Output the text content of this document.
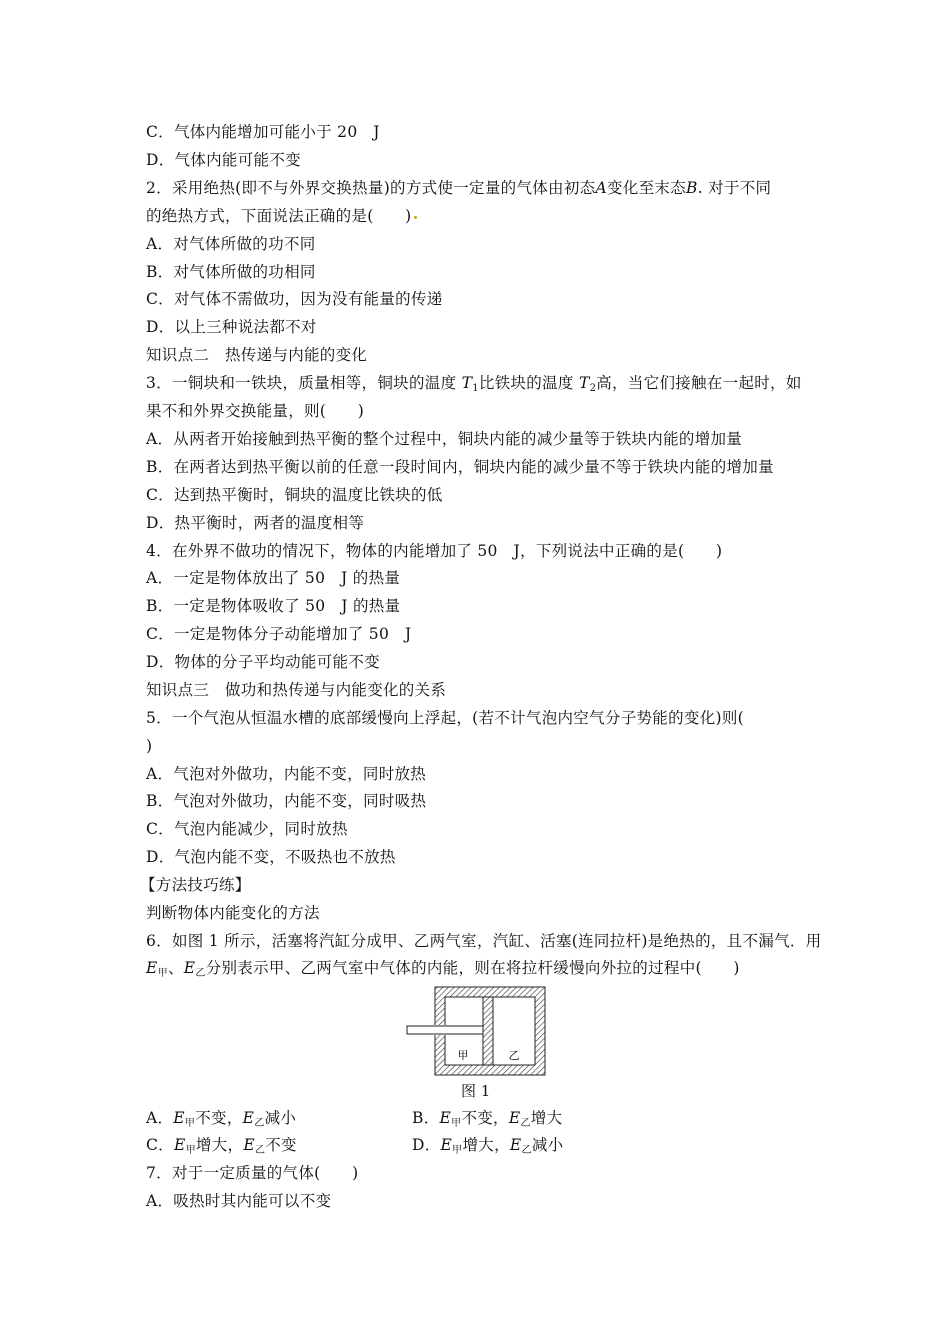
C．气体内能增加可能小于 20　J
D．气体内能可能不变
2．采用绝热(即不与外界交换热量)的方式使一定量的气体由初态A变化至末态B. 对于不同
的绝热方式，下面说法正确的是(　　)
A．对气体所做的功不同
B．对气体所做的功相同
C．对气体不需做功，因为没有能量的传递
D．以上三种说法都不对
知识点二　热传递与内能的变化
3．一铜块和一铁块，质量相等，铜块的温度 $T_1$比铁块的温度 $T_2$高，当它们接触在一起时，如
果不和外界交换能量，则(　　)
A．从两者开始接触到热平衡的整个过程中，铜块内能的减少量等于铁块内能的增加量
B．在两者达到热平衡以前的任意一段时间内，铜块内能的减少量不等于铁块内能的增加量
C．达到热平衡时，铜块的温度比铁块的低
D．热平衡时，两者的温度相等
4．在外界不做功的情况下，物体的内能增加了 50　J，下列说法中正确的是(　　)
A．一定是物体放出了 50　J 的热量
B．一定是物体吸收了 50　J 的热量
C．一定是物体分子动能增加了 50　J
D．物体的分子平均动能可能不变
知识点三　做功和热传递与内能变化的关系
5．一个气泡从恒温水槽的底部缓慢向上浮起，(若不计气泡内空气分子势能的变化)则(
)
A．气泡对外做功，内能不变，同时放热
B．气泡对外做功，内能不变，同时吸热
C．气泡内能减少，同时放热
D．气泡内能不变，不吸热也不放热
【方法技巧练】
判断物体内能变化的方法
6．如图 1 所示，活塞将汽缸分成甲、乙两气室，汽缸、活塞(连同拉杆)是绝热的，且不漏气．用
$E_甲$、$E_乙$分别表示甲、乙两气室中气体的内能，则在将拉杆缓慢向外拉的过程中(　　)
甲	乙
图 1
A．$E_甲$不变，$E_乙$减小	B．$E_甲$不变，$E_乙$增大
C．$E_甲$增大，$E_乙$不变	D．$E_甲$增大，$E_乙$减小
7．对于一定质量的气体(　　)
A．吸热时其内能可以不变
